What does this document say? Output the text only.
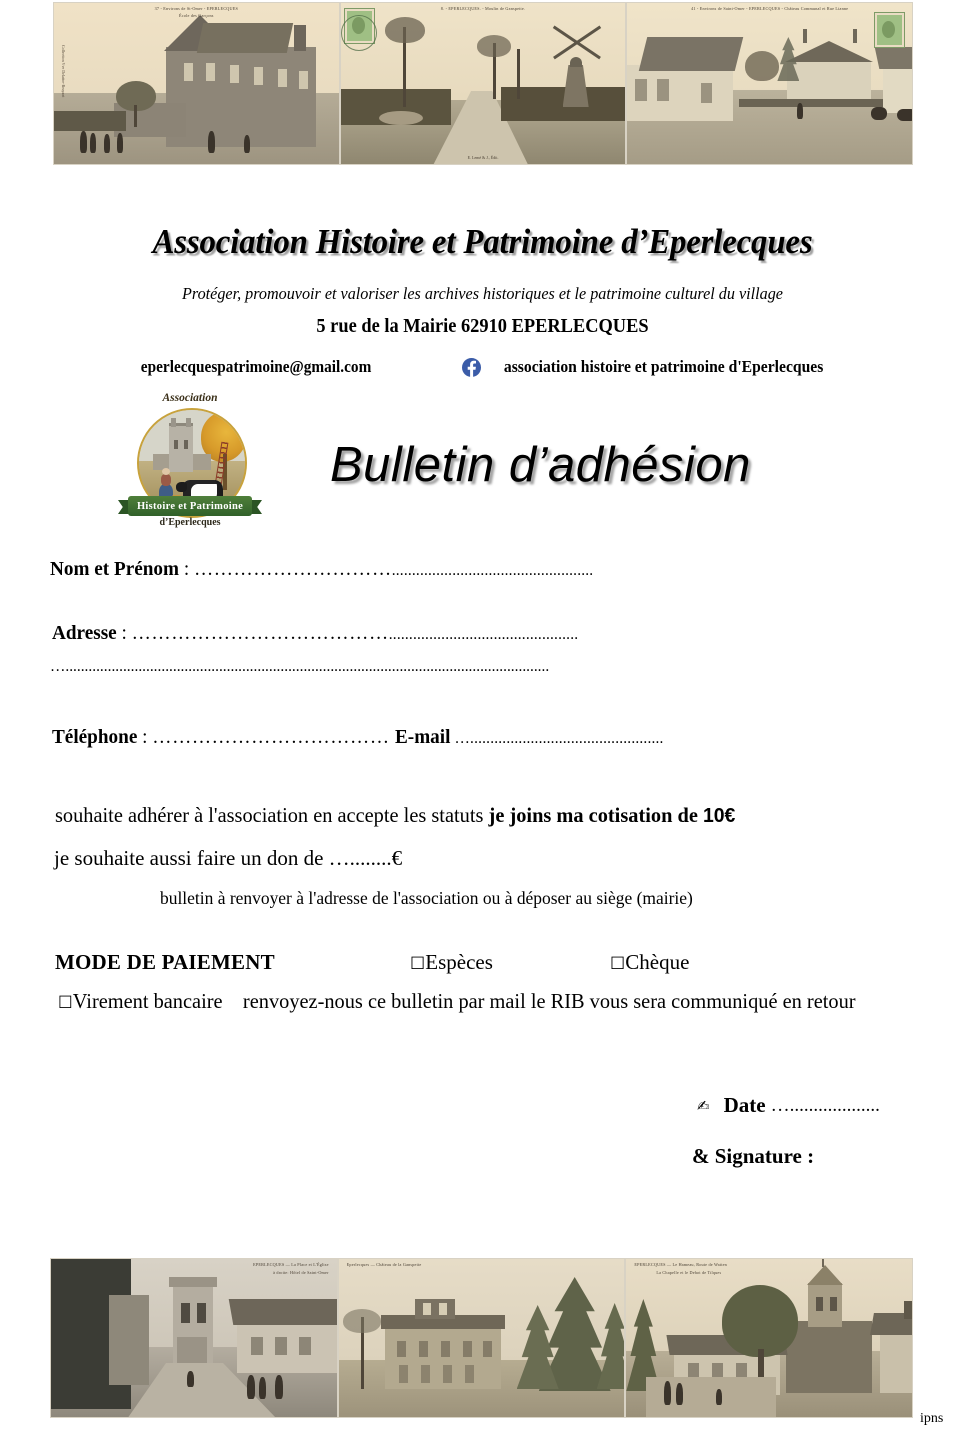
37 - Environs de St-Omer - EPERLECQUES
École des Garçons
Collection Vve Delattre-Bruyant
8. - EPERLECQUES. - Moulin de Ganspette.
E. Lemé & J., Édit.
41 - Environs de Saint-Omer - EPERLECQUES - Château Communal et Rue Lianne
Association Histoire et Patrimoine d’Eperlecques
Protéger, promouvoir et valoriser les archives historiques et le patrimoine culturel du village
5 rue de la Mairie 62910 EPERLECQUES
eperlecquespatrimoine@gmail.com	association histoire et patrimoine d'Eperlecques
Association
Histoire et Patrimoine
d’Eperlecques
Bulletin d’adhésion
Nom et Prénom : …………………………..................................................
Adresse : …………………………………...............................................
…..............................................................................................................................
Téléphone : ……………………………… E-mail …................................................
souhaite adhérer à l'association en accepte les statuts je joins ma cotisation de 10€
je souhaite aussi faire un don de …........€
bulletin à renvoyer à l'adresse de l'association ou à déposer au siège (mairie)
MODE DE PAIEMENT	☐Espèces	☐Chèque
☐Virement bancaire renvoyez-nous ce bulletin par mail le RIB vous sera communiqué en retour
✍ Date …...................
& Signature :
EPERLECQUES — La Place et L'Église
à droite: Hôtel de Saint-Omer
Eperlecques — Château de la Ganspette	EPERLECQUES — Le Hameau, Route de Watten
La Chapelle et le Dehot de Tilques
ipns
